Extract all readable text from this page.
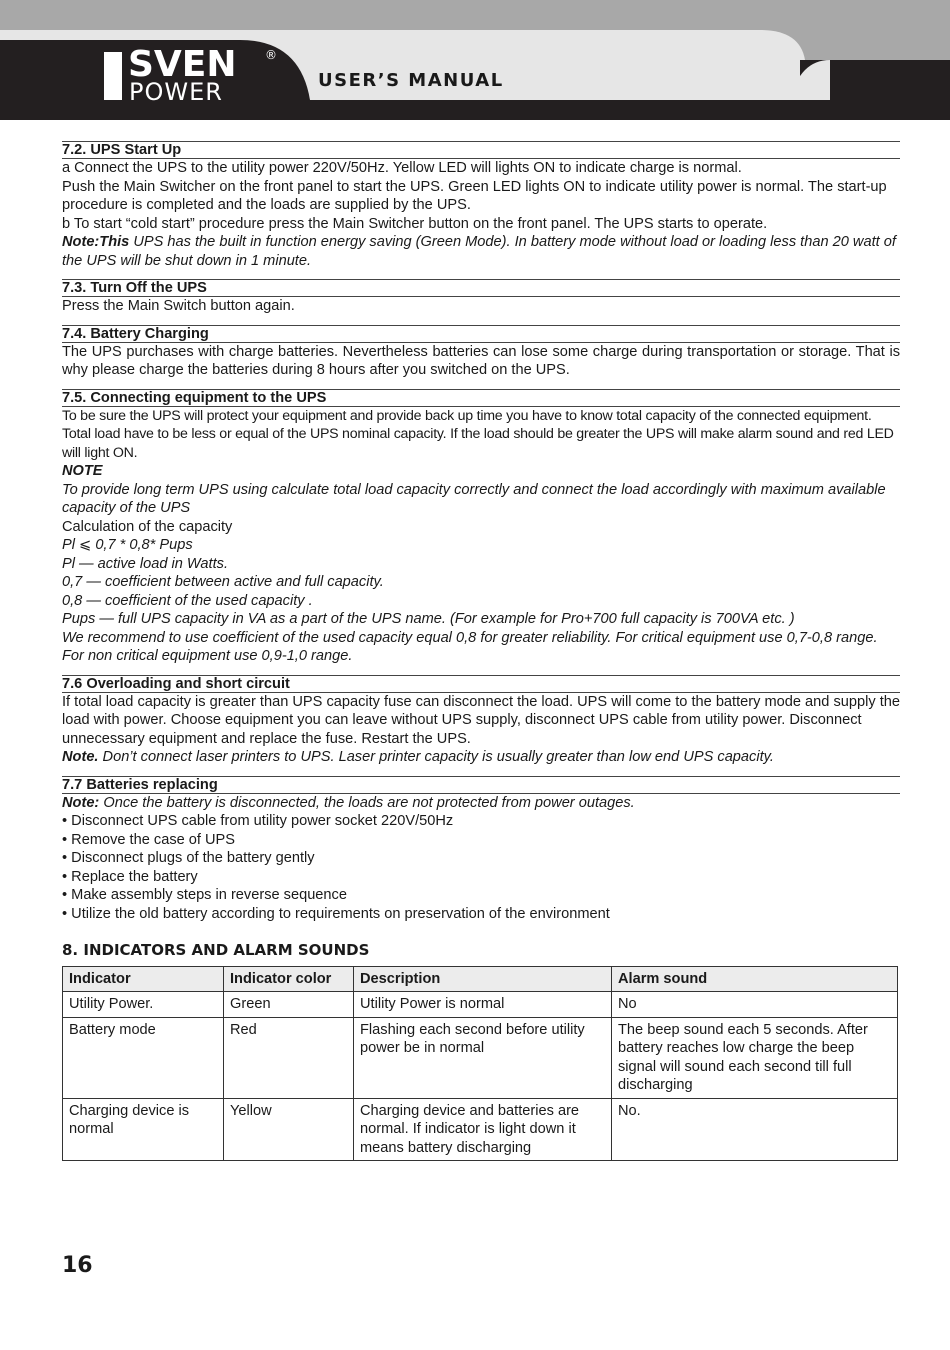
SVEN ®
POWER	USER’S MANUAL
7.2. UPS Start Up

a Connect the UPS to the utility power 220V/50Hz. Yellow LED will lights ON to indicate charge is normal.

Push the Main Switcher on the front panel to start the UPS. Green LED lights ON to indicate utility power is normal. The start-up procedure is completed and the loads are supplied by the UPS.

b To start “cold start” procedure press the Main Switcher button on the front panel. The UPS starts to operate.

Note:This UPS has the built in function energy saving (Green Mode). In battery mode without load or loading less than 20 watt of the UPS will be shut down in 1 minute.

7.3. Turn Off the UPS

Press the Main Switch button again.

7.4. Battery Charging

The UPS purchases with charge batteries. Nevertheless batteries can lose some charge during transportation or storage. That is why please charge the batteries during 8 hours after you switched on the UPS.

7.5. Connecting equipment to the UPS

To be sure the UPS will protect your equipment and provide back up time you have to know total capacity of the connected equipment. Total load have to be less or equal of the UPS nominal capacity. If the load should be greater the UPS will make alarm sound and red LED will light ON.

NOTE

To provide long term UPS using calculate total load capacity correctly and connect the load accordingly with maximum available capacity of the UPS

Calculation of the capacity

Pl ⩽ 0,7 * 0,8* Pups

Pl — active load in Watts.

0,7 — coefficient between active and full capacity.

0,8 — coefficient of the used capacity .

Pups — full UPS capacity in VA as a part of the UPS name. (For example for Pro+700 full capacity is 700VA etc. )

We recommend to use coefficient of the used capacity equal 0,8 for greater reliability. For critical equipment use 0,7-0,8 range. For non critical equipment use 0,9-1,0 range.

7.6 Overloading and short circuit

If total load capacity is greater than UPS capacity fuse can disconnect the load. UPS will come to the battery mode and supply the load with power. Choose equipment you can leave without UPS supply, disconnect UPS cable from utility power. Disconnect unnecessary equipment and replace the fuse. Restart the UPS.

Note. Don’t connect laser printers to UPS. Laser printer capacity is usually greater than low end UPS capacity.

7.7 Batteries replacing

Note: Once the battery is disconnected, the loads are not protected from power outages.

• Disconnect UPS cable from utility power socket 220V/50Hz

• Remove the case of UPS

• Disconnect plugs of the battery gently

• Replace the battery

• Make assembly steps in reverse sequence

• Utilize the old battery according to requirements on preservation of the environment

8. INDICATORS AND ALARM SOUNDS
Indicator	Indicator color	Description	Alarm sound
Utility Power.	Green	Utility Power is normal	No
Battery mode	Red	Flashing each second before utility power be in normal	The beep sound each 5 seconds. After battery reaches low charge the beep signal will sound each second till full discharging
Charging device is normal	Yellow	Charging device and batteries are normal. If indicator is light down it means battery discharging	No.
16
